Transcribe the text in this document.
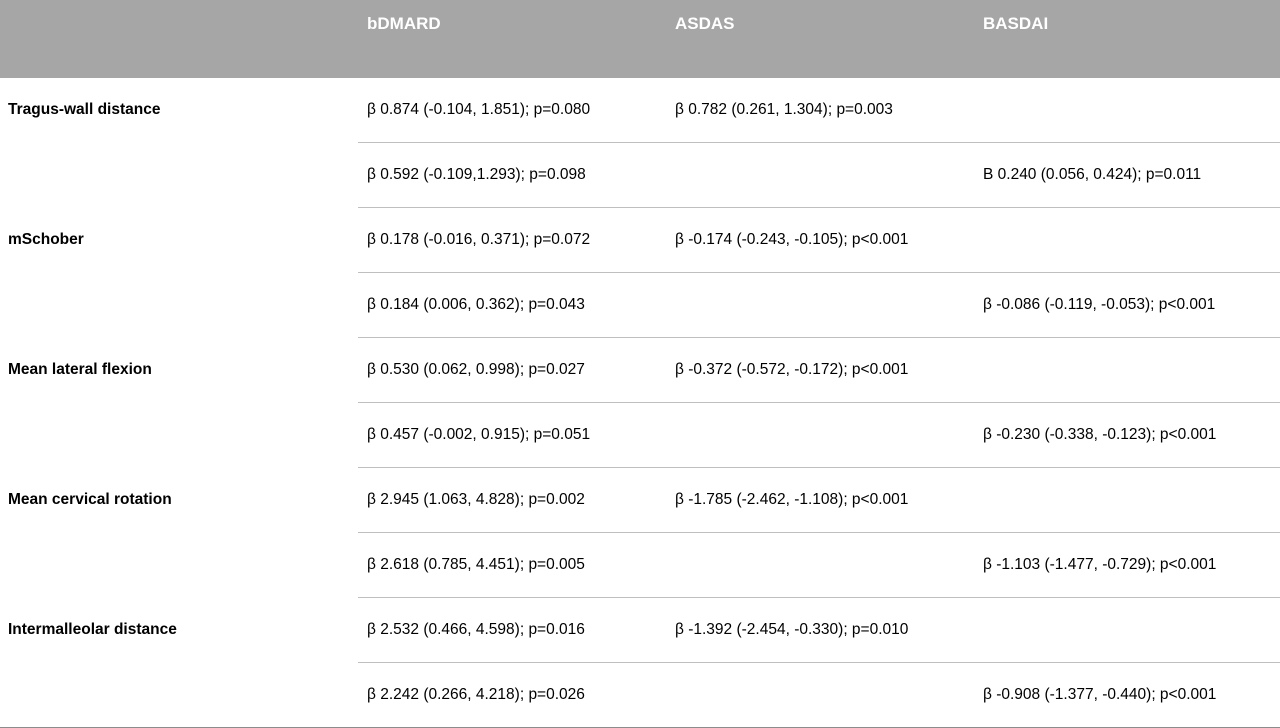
	bDMARD	ASDAS	BASDAI
Tragus-wall distance	β 0.874 (-0.104, 1.851); p=0.080	β 0.782 (0.261, 1.304); p=0.003	
	β 0.592 (-0.109,1.293); p=0.098		B 0.240 (0.056, 0.424); p=0.011
mSchober	β 0.178 (-0.016, 0.371); p=0.072	β -0.174 (-0.243, -0.105); p<0.001	
	β 0.184 (0.006, 0.362); p=0.043		β -0.086 (-0.119, -0.053); p<0.001
Mean lateral flexion	β 0.530 (0.062, 0.998); p=0.027	β -0.372 (-0.572, -0.172); p<0.001	
	β 0.457 (-0.002, 0.915); p=0.051		β -0.230 (-0.338, -0.123); p<0.001
Mean cervical rotation	β 2.945 (1.063, 4.828); p=0.002	β -1.785 (-2.462, -1.108); p<0.001	
	β 2.618 (0.785, 4.451); p=0.005		β -1.103 (-1.477, -0.729); p<0.001
Intermalleolar distance	β 2.532 (0.466, 4.598); p=0.016	β -1.392 (-2.454, -0.330); p=0.010	
	β 2.242 (0.266, 4.218); p=0.026		β -0.908 (-1.377, -0.440); p<0.001
